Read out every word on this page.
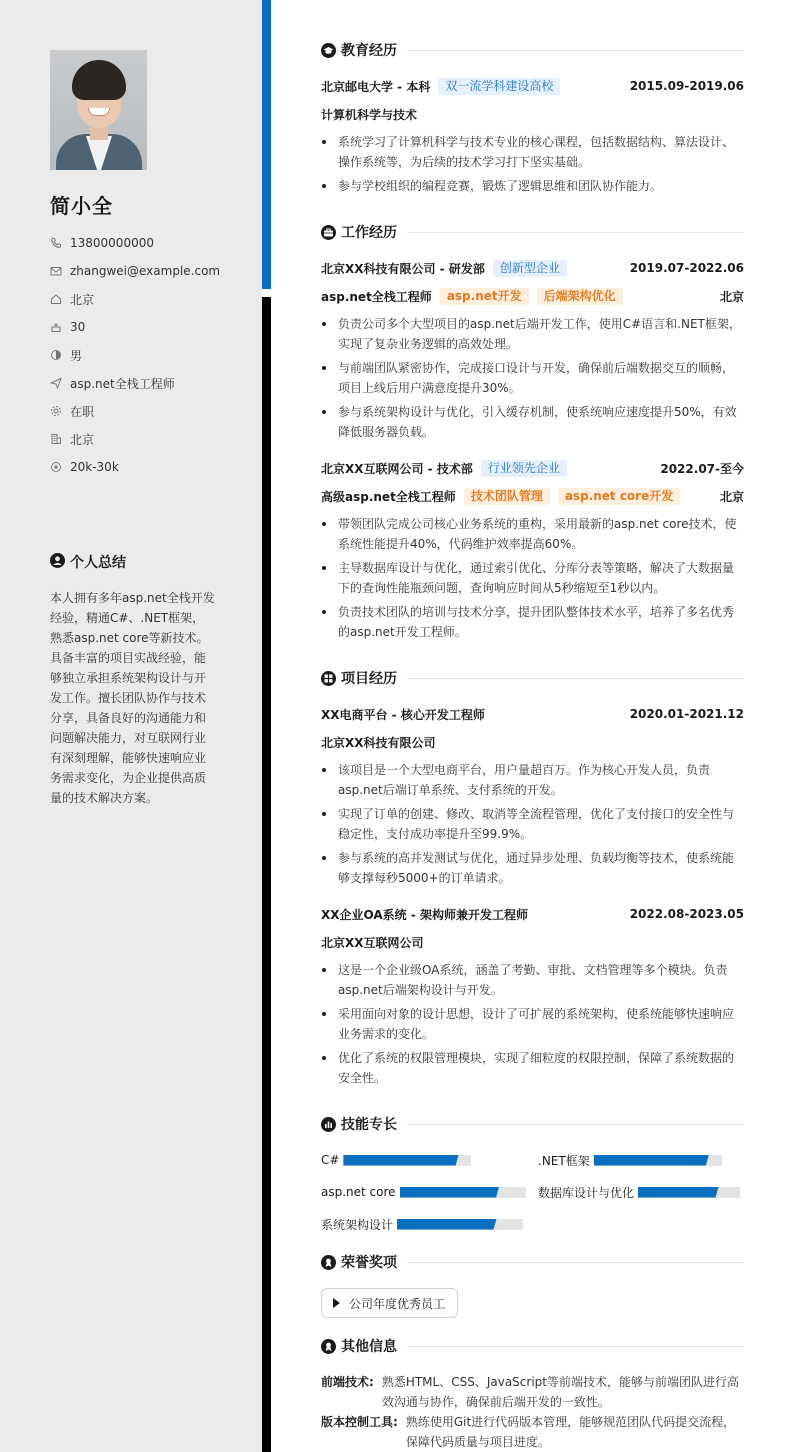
简小全
13800000000
zhangwei@example.com
北京
30
男
asp.net全栈工程师
在职
北京
20k-30k
个人总结
本人拥有多年asp.net全栈开发经验，精通C#、.NET框架，熟悉asp.net core等新技术。具备丰富的项目实战经验，能够独立承担系统架构设计与开发工作。擅长团队协作与技术分享，具备良好的沟通能力和问题解决能力，对互联网行业有深刻理解，能够快速响应业务需求变化，为企业提供高质量的技术解决方案。
教育经历
北京邮电大学 - 本科	双一流学科建设高校	2015.09-2019.06
计算机科学与技术
系统学习了计算机科学与技术专业的核心课程，包括数据结构、算法设计、操作系统等，为后续的技术学习打下坚实基础。
参与学校组织的编程竞赛，锻炼了逻辑思维和团队协作能力。
工作经历
北京XX科技有限公司 - 研发部	创新型企业	2019.07-2022.06
asp.net全栈工程师	asp.net开发	后端架构优化	北京
负责公司多个大型项目的asp.net后端开发工作，使用C#语言和.NET框架，实现了复杂业务逻辑的高效处理。
与前端团队紧密协作，完成接口设计与开发，确保前后端数据交互的顺畅，项目上线后用户满意度提升30%。
参与系统架构设计与优化，引入缓存机制，使系统响应速度提升50%，有效降低服务器负载。
北京XX互联网公司 - 技术部	行业领先企业	2022.07-至今
高级asp.net全栈工程师	技术团队管理	asp.net core开发	北京
带领团队完成公司核心业务系统的重构，采用最新的asp.net core技术，使系统性能提升40%，代码维护效率提高60%。
主导数据库设计与优化，通过索引优化、分库分表等策略，解决了大数据量下的查询性能瓶颈问题，查询响应时间从5秒缩短至1秒以内。
负责技术团队的培训与技术分享，提升团队整体技术水平，培养了多名优秀的asp.net开发工程师。
项目经历
XX电商平台 - 核心开发工程师	2020.01-2021.12
北京XX科技有限公司
该项目是一个大型电商平台，用户量超百万。作为核心开发人员，负责asp.net后端订单系统、支付系统的开发。
实现了订单的创建、修改、取消等全流程管理，优化了支付接口的安全性与稳定性，支付成功率提升至99.9%。
参与系统的高并发测试与优化，通过异步处理、负载均衡等技术，使系统能够支撑每秒5000+的订单请求。
XX企业OA系统 - 架构师兼开发工程师	2022.08-2023.05
北京XX互联网公司
这是一个企业级OA系统，涵盖了考勤、审批、文档管理等多个模块。负责asp.net后端架构设计与开发。
采用面向对象的设计思想，设计了可扩展的系统架构，使系统能够快速响应业务需求的变化。
优化了系统的权限管理模块，实现了细粒度的权限控制，保障了系统数据的安全性。
技能专长
C#	.NET框架
asp.net core	数据库设计与优化
系统架构设计
荣誉奖项
公司年度优秀员工
其他信息
前端技术: 熟悉HTML、CSS、JavaScript等前端技术，能够与前端团队进行高效沟通与协作，确保前后端开发的一致性。
版本控制工具: 熟练使用Git进行代码版本管理，能够规范团队代码提交流程，保障代码质量与项目进度。
